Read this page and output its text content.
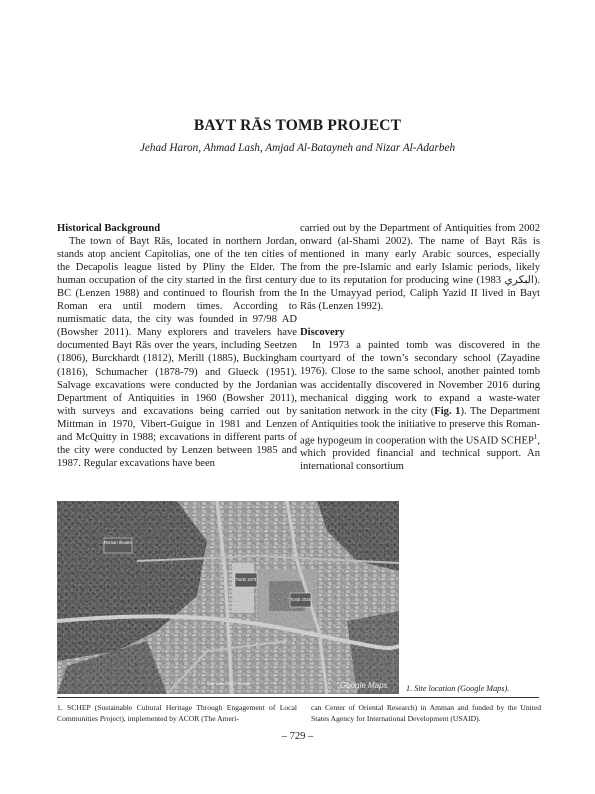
BAYT RĀS TOMB PROJECT
Jehad Haron, Ahmad Lash, Amjad Al-Batayneh and Nizar Al-Adarbeh
Historical Background

The town of Bayt Rās, located in northern Jordan, stands atop ancient Capitolias, one of the ten cities of the Decapolis league listed by Pliny the Elder. The human occupation of the city started in the first century BC (Lenzen 1988) and continued to flourish from the Roman era until modern times. According to numismatic data, the city was founded in 97/98 AD (Bowsher 2011). Many explorers and travelers have documented Bayt Rās over the years, including Seetzen (1806), Burckhardt (1812), Merill (1885), Buckingham (1816), Schumacher (1878-79) and Glueck (1951). Salvage excavations were conducted by the Jordanian Department of Antiquities in 1960 (Bowsher 2011), with surveys and excavations being carried out by Mittman in 1970, Vibert-Guigue in 1981 and Lenzen and McQuitty in 1988; excavations in different parts of the city were conducted by Lenzen between 1985 and 1987. Regular excavations have been

carried out by the Department of Antiquities from 2002 onward (al-Shami 2002). The name of Bayt Rās is mentioned in many early Arabic sources, especially from the pre-Islamic and early Islamic periods, likely due to its reputation for producing wine (1983 البكري). In the Umayyad period, Caliph Yazid II lived in Bayt Rās (Lenzen 1992).

Discovery

In 1973 a painted tomb was discovered in the courtyard of the town’s secondary school (Zayadine 1976). Close to the same school, another painted tomb was accidentally discovered in November 2016 during mechanical digging work to expand a waste-water sanitation network in the city (Fig. 1). The Department of Antiquities took the initiative to preserve this Roman-age hypogeum in cooperation with the USAID SCHEP$^1$, which provided financial and technical support. An international consortium

Roman theatre
Tomb 1973
Tomb 2016
Map data ©2017 Google	Google Maps 1. Site location (Google Maps).
1. SCHEP (Sustainable Cultural Heritage Through Engagement of Local Communities Project), implemented by ACOR (The Ameri-
can Center of Oriental Research) in Amman and funded by the United States Agency for International Development (USAID).
– 729 –
